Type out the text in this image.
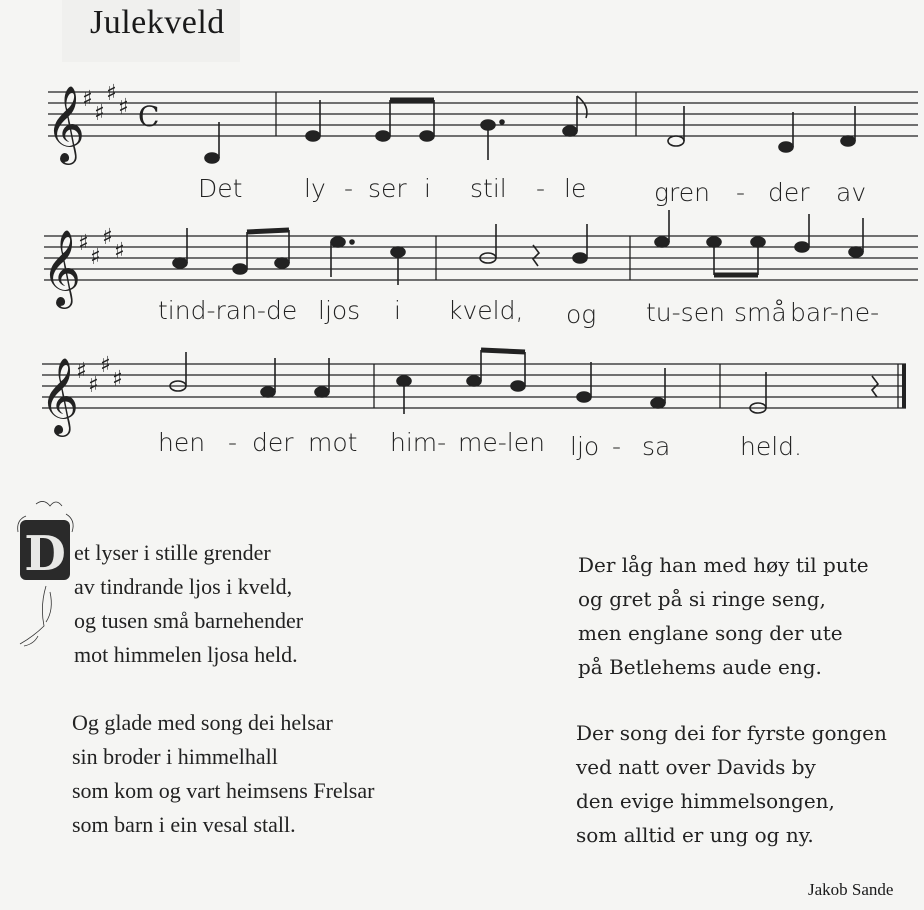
Julekveld
𝄞
𝄞
𝄞
♯
♯
♯
♯
♯
♯
♯
♯
♯
♯
♯
♯
C
Det ly - ser i stil - le	gren - der av
tind-ran-de ljos i kveld, og tu-sen små bar-ne-
hen - der mot him- me-len ljo - sa	held.
D et lyser i stille grender
av tindrande ljos i kveld,
og tusen små barnehender
mot himmelen ljosa held.
Og glade med song dei helsar
sin broder i himmelhall
som kom og vart heimsens Frelsar
som barn i ein vesal stall.
Der låg han med høy til pute
og gret på si ringe seng,
men englane song der ute
på Betlehems aude eng.
Der song dei for fyrste gongen
ved natt over Davids by
den evige himmelsongen,
som alltid er ung og ny.
Jakob Sande
